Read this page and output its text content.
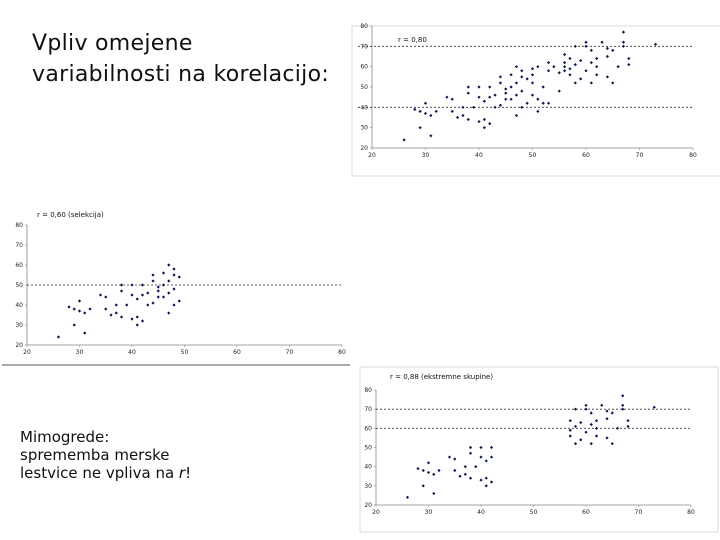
Vpliv omejene
variabilnosti na korelacijo:

Mimogrede:
sprememba merske
lestvice ne vpliva na r!

20
30
40
50
60
70
80
20	30	40	50	60	70	80
r = 0,80
20
30
40
50
60
70
80
20	30	40	50	60	70	80
r = 0,60 (selekcija)
20
30
40
50
60
70
80
20	30	40	50	60	70	80
r = 0,88 (ekstremne skupine)
